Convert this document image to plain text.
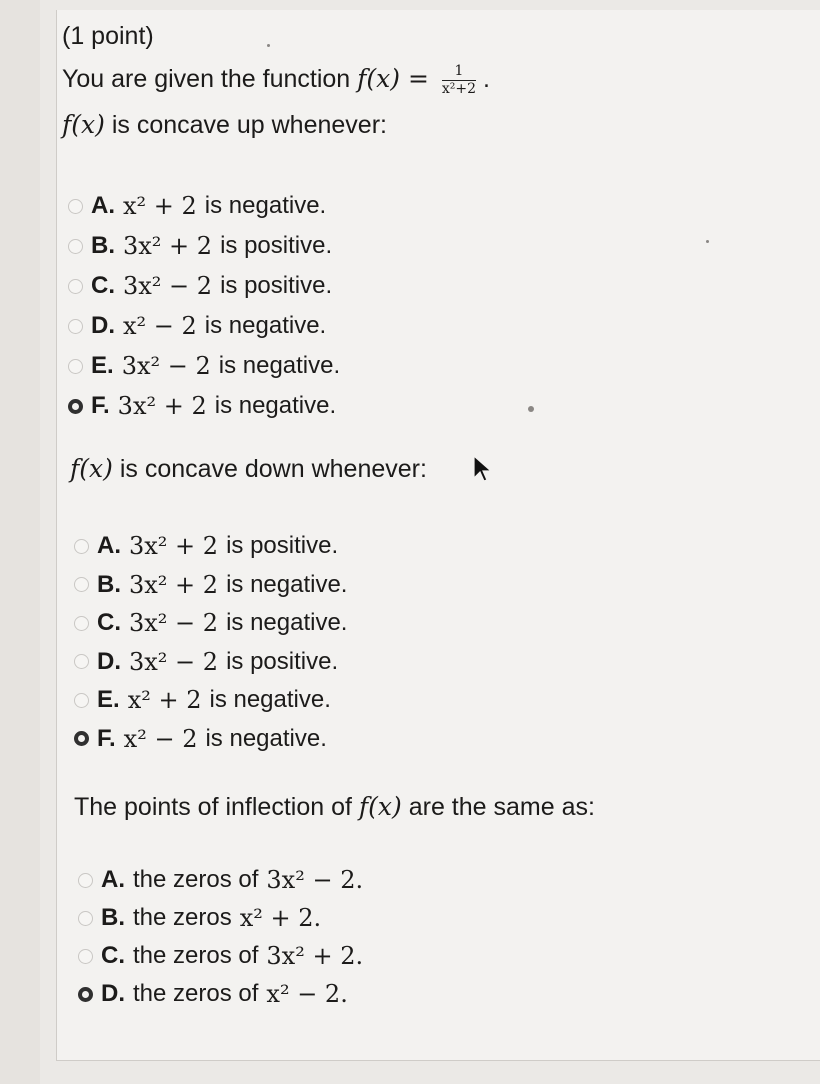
(1 point)
You are given the function $f(x) = \frac{1}{\text{x²+2}}$ .
f(x) is concave up whenever:
A. x² + 2 is negative.
B. 3x² + 2 is positive.
C. 3x² − 2 is positive.
D. x² − 2 is negative.
E. 3x² − 2 is negative.
F. 3x² + 2 is negative.
f(x) is concave down whenever:
A. 3x² + 2 is positive.
B. 3x² + 2 is negative.
C. 3x² − 2 is negative.
D. 3x² − 2 is positive.
E. x² + 2 is negative.
F. x² − 2 is negative.
The points of inflection of f(x) are the same as:
A. the zeros of 3x² − 2.
B. the zeros x² + 2.
C. the zeros of 3x² + 2.
D. the zeros of x² − 2.
